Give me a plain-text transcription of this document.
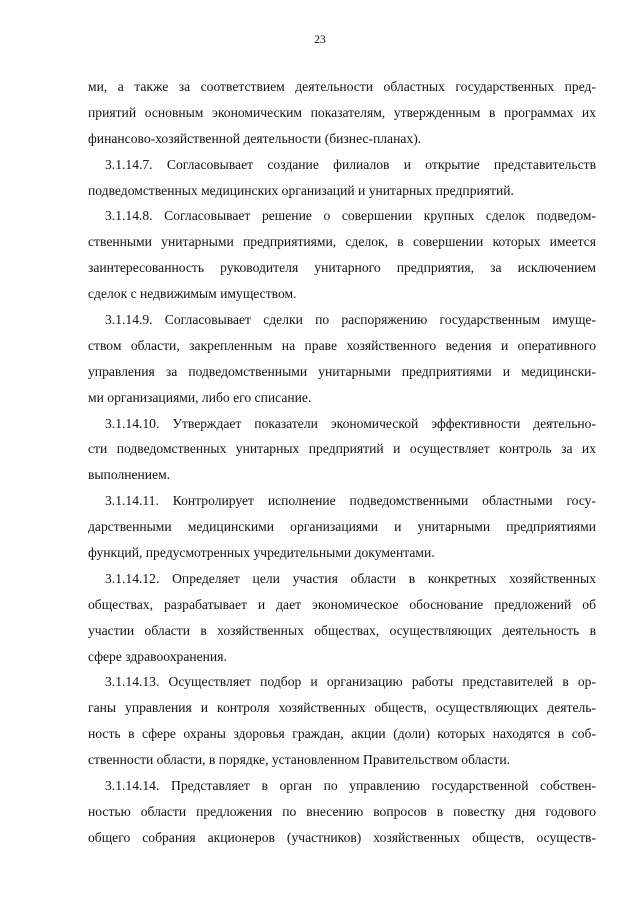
23
ми, а также за соответствием деятельности областных государственных пред-
приятий основным экономическим показателям, утвержденным в программах их
финансово-хозяйственной деятельности (бизнес-планах).
3.1.14.7. Согласовывает создание филиалов и открытие представительств
подведомственных медицинских организаций и унитарных предприятий.
3.1.14.8. Согласовывает решение о совершении крупных сделок подведом-
ственными унитарными предприятиями, сделок, в совершении которых имеется
заинтересованность руководителя унитарного предприятия, за исключением
сделок с недвижимым имуществом.
3.1.14.9. Согласовывает сделки по распоряжению государственным имуще-
ством области, закрепленным на праве хозяйственного ведения и оперативного
управления за подведомственными унитарными предприятиями и медицински-
ми организациями, либо его списание.
3.1.14.10. Утверждает показатели экономической эффективности деятельно-
сти подведомственных унитарных предприятий и осуществляет контроль за их
выполнением.
3.1.14.11. Контролирует исполнение подведомственными областными госу-
дарственными медицинскими организациями и унитарными предприятиями
функций, предусмотренных учредительными документами.
3.1.14.12. Определяет цели участия области в конкретных хозяйственных
обществах, разрабатывает и дает экономическое обоснование предложений об
участии области в хозяйственных обществах, осуществляющих деятельность в
сфере здравоохранения.
3.1.14.13. Осуществляет подбор и организацию работы представителей в ор-
ганы управления и контроля хозяйственных обществ, осуществляющих деятель-
ность в сфере охраны здоровья граждан, акции (доли) которых находятся в соб-
ственности области, в порядке, установленном Правительством области.
3.1.14.14. Представляет в орган по управлению государственной собствен-
ностью области предложения по внесению вопросов в повестку дня годового
общего собрания акционеров (участников) хозяйственных обществ, осуществ-
